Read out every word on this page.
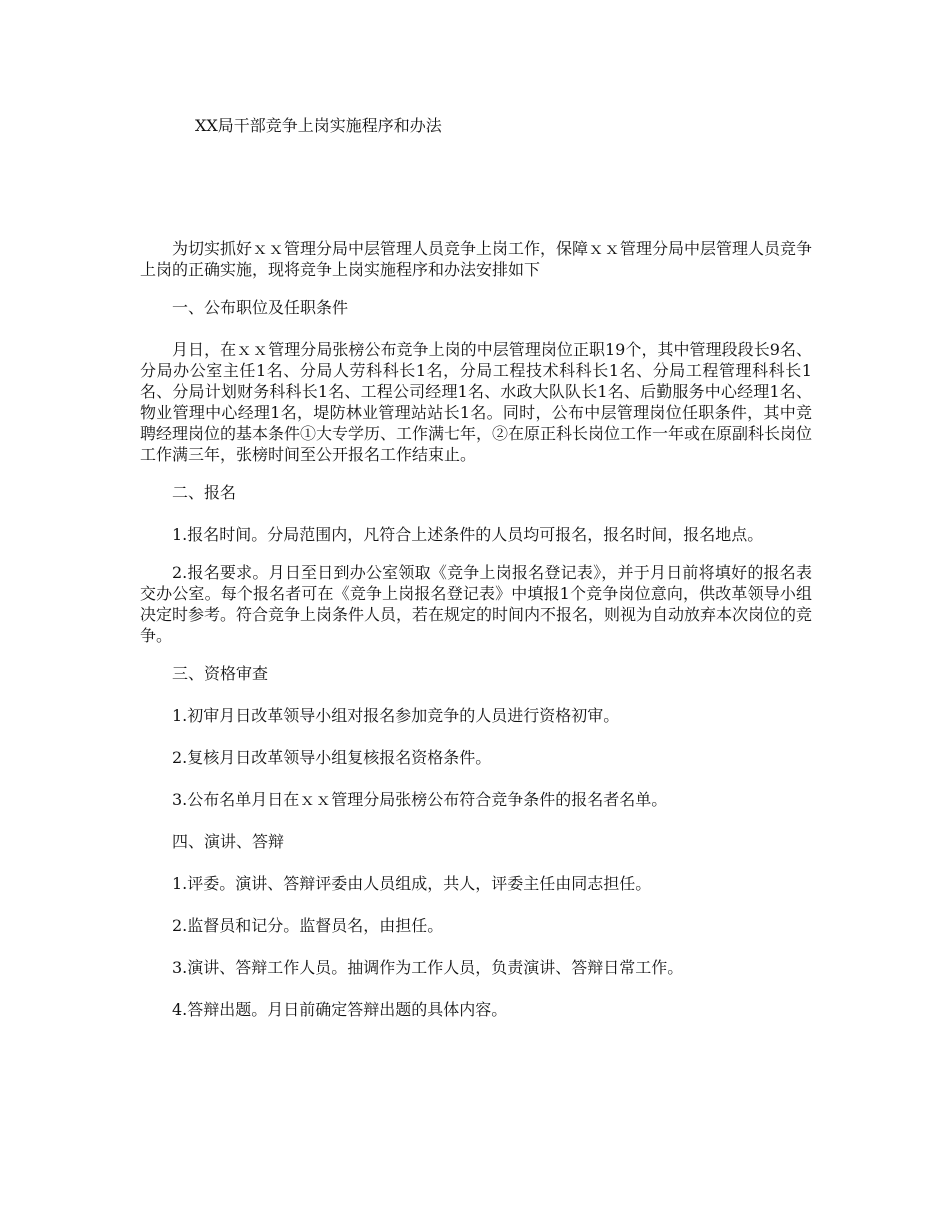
XX局干部竞争上岗实施程序和办法

为切实抓好ｘｘ管理分局中层管理人员竞争上岗工作，保障ｘｘ管理分局中层管理人员竞争上岗的正确实施，现将竞争上岗实施程序和办法安排如下

一、公布职位及任职条件

月日，在ｘｘ管理分局张榜公布竞争上岗的中层管理岗位正职19个，其中管理段段长9名、分局办公室主任1名、分局人劳科科长1名，分局工程技术科科长1名、分局工程管理科科长1名、分局计划财务科科长1名、工程公司经理1名、水政大队队长1名、后勤服务中心经理1名、物业管理中心经理1名，堤防林业管理站站长1名。同时，公布中层管理岗位任职条件，其中竞聘经理岗位的基本条件①大专学历、工作满七年，②在原正科长岗位工作一年或在原副科长岗位工作满三年，张榜时间至公开报名工作结束止。

二、报名

1.报名时间。分局范围内，凡符合上述条件的人员均可报名，报名时间，报名地点。

2.报名要求。月日至日到办公室领取《竞争上岗报名登记表》，并于月日前将填好的报名表交办公室。每个报名者可在《竞争上岗报名登记表》中填报1个竞争岗位意向，供改革领导小组决定时参考。符合竞争上岗条件人员，若在规定的时间内不报名，则视为自动放弃本次岗位的竞争。

三、资格审查

1.初审月日改革领导小组对报名参加竞争的人员进行资格初审。

2.复核月日改革领导小组复核报名资格条件。

3.公布名单月日在ｘｘ管理分局张榜公布符合竞争条件的报名者名单。

四、演讲、答辩

1.评委。演讲、答辩评委由人员组成，共人，评委主任由同志担任。

2.监督员和记分。监督员名，由担任。

3.演讲、答辩工作人员。抽调作为工作人员，负责演讲、答辩日常工作。

4.答辩出题。月日前确定答辩出题的具体内容。
